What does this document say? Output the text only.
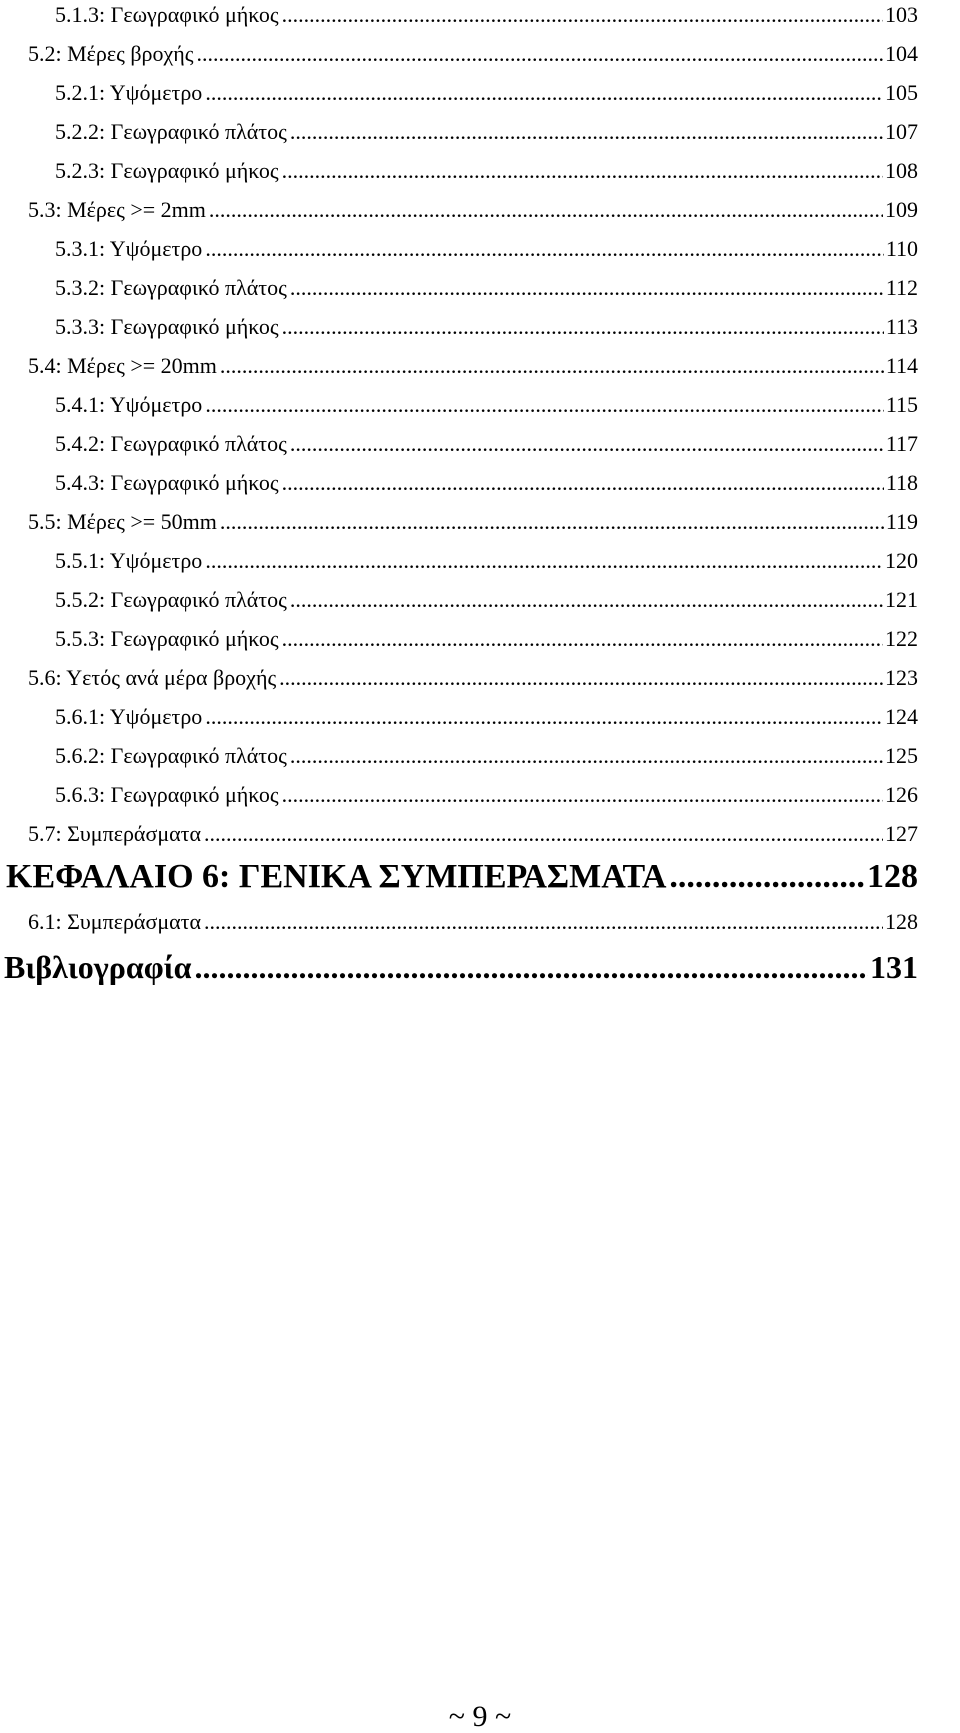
5.1.3: Γεωγραφικό μήκος .....	103
5.2: Μέρες βροχής .....	104
5.2.1: Υψόμετρο .....	105
5.2.2: Γεωγραφικό πλάτος .....	107
5.2.3: Γεωγραφικό μήκος .....	108
5.3: Μέρες >= 2mm .....	109
5.3.1: Υψόμετρο .....	110
5.3.2: Γεωγραφικό πλάτος .....	112
5.3.3: Γεωγραφικό μήκος .....	113
5.4: Μέρες >= 20mm .....	114
5.4.1: Υψόμετρο .....	115
5.4.2: Γεωγραφικό πλάτος .....	117
5.4.3: Γεωγραφικό μήκος .....	118
5.5: Μέρες >= 50mm .....	119
5.5.1: Υψόμετρο .....	120
5.5.2: Γεωγραφικό πλάτος .....	121
5.5.3: Γεωγραφικό μήκος .....	122
5.6: Υετός ανά μέρα βροχής .....	123
5.6.1: Υψόμετρο .....	124
5.6.2: Γεωγραφικό πλάτος .....	125
5.6.3: Γεωγραφικό μήκος .....	126
5.7: Συμπεράσματα .....	127
ΚΕΦΑΛΑΙΟ 6: ΓΕΝΙΚΑ ΣΥΜΠΕΡΑΣΜΑΤΑ .....	128
6.1: Συμπεράσματα .....	128
Βιβλιογραφία .....	131
~ 9 ~
